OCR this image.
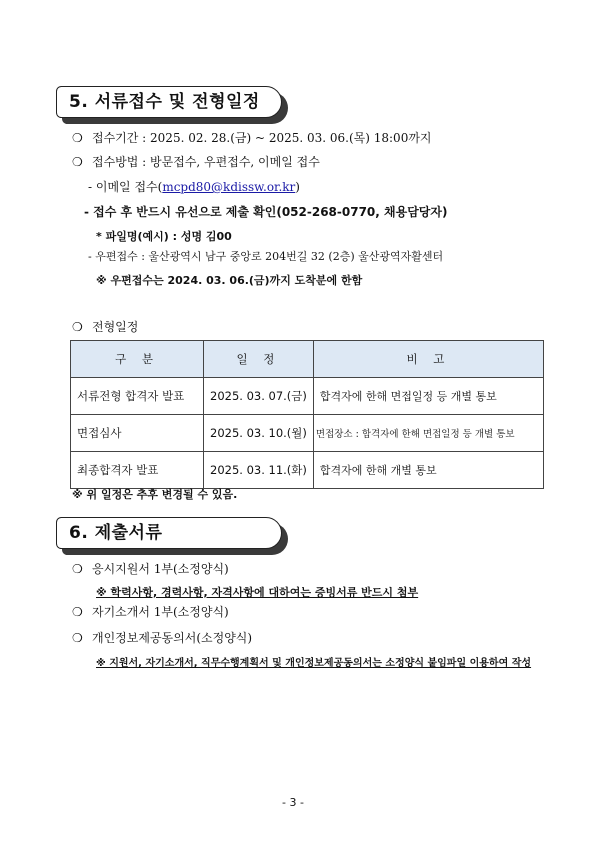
5. 서류접수 및 전형일정
❍ 접수기간 : 2025. 02. 28.(금) ~ 2025. 03. 06.(목) 18:00까지
❍ 접수방법 : 방문접수, 우편접수, 이메일 접수
- 이메일 접수(mcpd80@kdissw.or.kr)
- 접수 후 반드시 유선으로 제출 확인(052-268-0770, 채용담당자)
* 파일명(예시) : 성명 김00
- 우편접수 : 울산광역시 남구 중앙로 204번길 32 (2층) 울산광역자활센터
※ 우편접수는 2024. 03. 06.(금)까지 도착분에 한함
❍ 전형일정
구 분	일 정	비 고
서류전형 합격자 발표	2025. 03. 07.(금)	합격자에 한해 면접일정 등 개별 통보
면접심사	2025. 03. 10.(월)	면접장소 : 합격자에 한해 면접일정 등 개별 통보
최종합격자 발표	2025. 03. 11.(화)	합격자에 한해 개별 통보
※ 위 일정은 추후 변경될 수 있음.
6. 제출서류
❍ 응시지원서 1부(소정양식)
※ 학력사항, 경력사항, 자격사항에 대하여는 증빙서류 반드시 첨부
❍ 자기소개서 1부(소정양식)
❍ 개인정보제공동의서(소정양식)
※ 지원서, 자기소개서, 직무수행계획서 및 개인정보제공동의서는 소정양식 붙임파일 이용하여 작성
- 3 -
